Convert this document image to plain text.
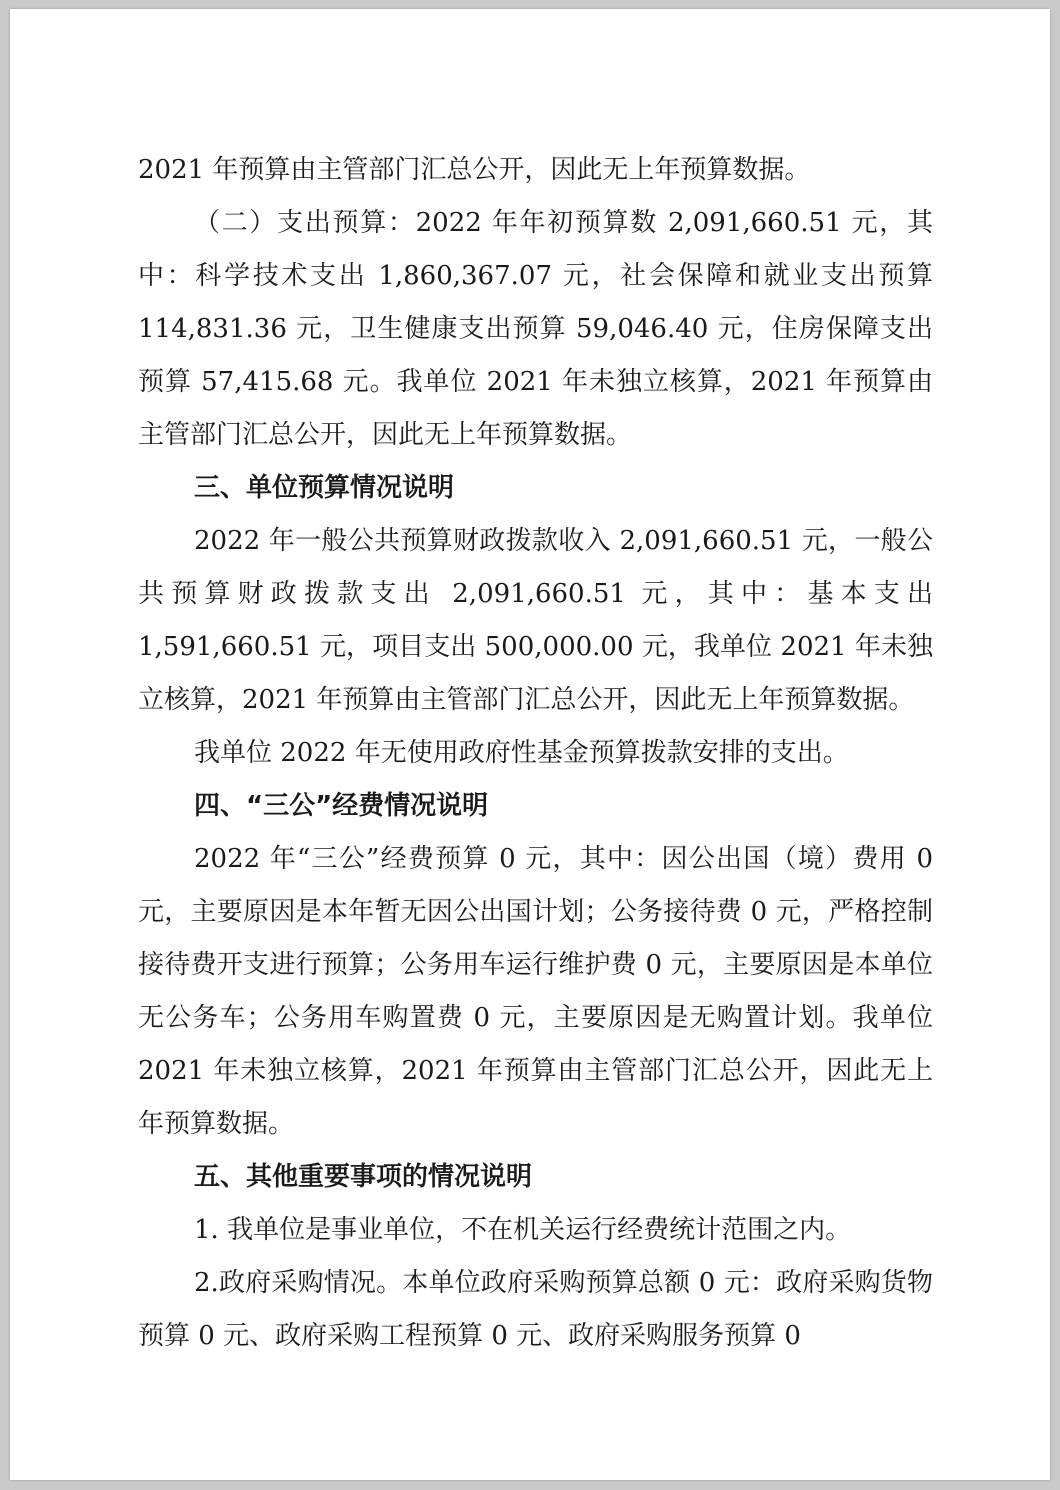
2021 年预算由主管部门汇总公开，因此无上年预算数据。

（二）支出预算：2022 年年初预算数 2,091,660.51 元，其中：科学技术支出 1,860,367.07 元，社会保障和就业支出预算 114,831.36 元，卫生健康支出预算 59,046.40 元，住房保障支出预算 57,415.68 元。我单位 2021 年未独立核算，2021 年预算由主管部门汇总公开，因此无上年预算数据。

三、单位预算情况说明

2022 年一般公共预算财政拨款收入 2,091,660.51 元，一般公共预算财政拨款支出 2,091,660.51 元，其中：基本支出 1,591,660.51 元，项目支出 500,000.00 元，我单位 2021 年未独立核算，2021 年预算由主管部门汇总公开，因此无上年预算数据。

我单位 2022 年无使用政府性基金预算拨款安排的支出。

四、“三公”经费情况说明

2022 年“三公”经费预算 0 元，其中：因公出国（境）费用 0 元，主要原因是本年暂无因公出国计划；公务接待费 0 元，严格控制接待费开支进行预算；公务用车运行维护费 0 元，主要原因是本单位无公务车；公务用车购置费 0 元，主要原因是无购置计划。我单位 2021 年未独立核算，2021 年预算由主管部门汇总公开，因此无上年预算数据。

五、其他重要事项的情况说明

1. 我单位是事业单位，不在机关运行经费统计范围之内。

2.政府采购情况。本单位政府采购预算总额 0 元：政府采购货物预算 0 元、政府采购工程预算 0 元、政府采购服务预算 0
